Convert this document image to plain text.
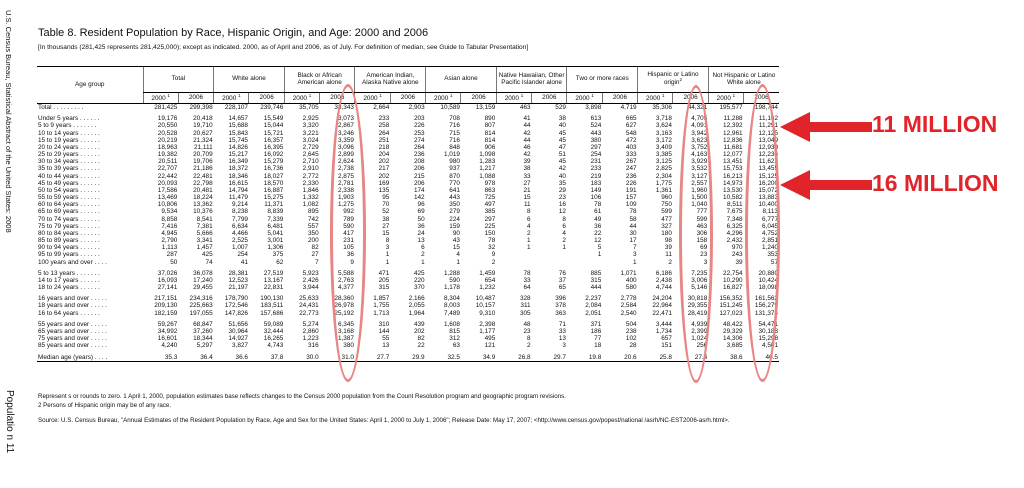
U.S. Census Bureau, Statistical Abstract of the United States: 2008
Populatio n 11
Table 8. Resident Population by Race, Hispanic Origin, and Age: 2000 and 2006
[In thousands (281,425 represents 281,425,000); except as indicated. 2000, as of April and 2006, as of July. For definition of median, see Guide to Tabular Presentation]
Age group	Total		White alone		Black or African American alone		American Indian, Alaska Native alone		Asian alone		Native Hawaiian, Other Pacific Islander alone		Two or more races		Hispanic or Latino origin$^2$		Not Hispanic or Latino White alone	
	2000 $^1$	2006	2000 $^1$	2006	2000 $^1$	2006	2000 $^1$	2006	2000 $^1$	2006	2000 $^1$	2006	2000 $^1$	2006	2000 $^1$	2006	2000 $^1$	2006
Total . . . . . . . . .	281,425	299,398	228,107	239,746	35,705	38,343	2,664	2,903	10,589	13,159	463	529	3,898	4,719	35,306	44,321	195,577	198,744

Under 5 years . . . . . .	19,176	20,418	14,657	15,549	2,925	3,073	233	203	708	890	41	38	613	665	3,718	4,705	11,288	11,162
5 to 9 years . . . . . . .	20,550	19,710	15,688	15,044	3,320	2,867	258	226	716	807	44	40	524	627	3,624	4,091	12,392	11,291
10 to 14 years . . . . . .	20,528	20,627	15,843	15,721	3,221	3,246	264	253	715	814	42	45	443	548	3,163	3,942	12,961	12,125
15 to 19 years . . . . . .	20,219	21,324	15,745	16,357	3,024	3,359	251	274	716	814	44	45	380	472	3,172	3,623	12,836	13,049
20 to 24 years . . . . . .	18,963	21,111	14,826	16,395	2,729	3,096	218	264	848	906	46	47	297	403	3,409	3,752	11,681	12,938
25 to 29 years . . . . . .	19,382	20,709	15,217	16,092	2,645	2,899	204	236	1,019	1,098	42	51	254	333	3,385	4,163	12,077	12,236
30 to 34 years . . . . . .	20,511	19,706	16,349	15,279	2,710	2,624	202	208	980	1,283	39	45	231	267	3,125	3,929	13,451	11,622
35 to 39 years . . . . . .	22,707	21,186	18,372	16,736	2,910	2,738	217	206	937	1,217	38	42	233	247	2,825	3,532	15,753	13,455
40 to 44 years . . . . . .	22,442	22,481	18,346	18,027	2,772	2,875	202	215	870	1,088	33	40	219	236	2,304	3,127	16,213	15,125
45 to 49 years . . . . . .	20,093	22,798	16,615	18,570	2,330	2,781	169	206	770	978	27	35	183	226	1,775	2,557	14,973	16,200
50 to 54 years . . . . . .	17,586	20,481	14,794	16,887	1,846	2,338	135	174	641	863	21	29	149	191	1,361	1,960	13,530	15,072
55 to 59 years . . . . . .	13,469	18,224	11,479	15,275	1,332	1,903	95	142	443	725	15	23	106	157	960	1,500	10,582	13,883
60 to 64 years . . . . . .	10,806	13,362	9,214	11,371	1,082	1,275	70	96	350	497	11	16	78	109	750	1,040	8,511	10,400
65 to 69 years . . . . . .	9,534	10,376	8,238	8,839	895	992	52	69	279	385	8	12	61	78	599	777	7,675	8,113
70 to 74 years . . . . . .	8,858	8,541	7,799	7,339	742	789	38	50	224	297	6	8	49	58	477	599	7,348	6,777
75 to 79 years . . . . . .	7,416	7,381	6,634	6,481	557	590	27	36	159	225	4	6	36	44	327	463	6,325	6,045
80 to 84 years . . . . . .	4,945	5,666	4,466	5,041	350	417	15	24	90	150	2	4	22	30	180	306	4,296	4,752
85 to 89 years . . . . . .	2,790	3,341	2,525	3,001	200	231	8	13	43	78	1	2	12	17	98	158	2,432	2,851
90 to 94 years . . . . . .	1,113	1,457	1,007	1,306	82	105	3	6	15	32	1	1	5	7	39	69	970	1,240
95 to 99 years . . . . . .	287	425	254	375	27	36	1	2	4	9			1	3	11	23	243	353
100 years and over . . . .	50	74	41	62	7	9	1	1	1	2				1	2	3	39	57

5 to 13 years . . . . . . .	37,026	36,078	28,381	27,519	5,923	5,588	471	425	1,288	1,459	78	76	885	1,071	6,186	7,235	22,754	20,880
14 to 17 years . . . . . .	16,093	17,240	12,523	13,167	2,426	2,763	205	220	590	654	33	37	315	400	2,438	3,006	10,290	10,424
18 to 24 years . . . . . .	27,141	29,455	21,197	22,831	3,944	4,377	315	370	1,178	1,232	64	65	444	580	4,744	5,146	16,827	18,098

16 years and over . . . . .	217,151	234,316	178,790	190,130	25,633	28,360	1,857	2,166	8,304	10,487	328	396	2,237	2,778	24,204	30,818	156,352	161,562
18 years and over . . . . .	209,130	225,663	172,546	183,511	24,431	26,978	1,755	2,055	8,003	10,157	311	378	2,084	2,584	22,964	29,355	151,245	156,279
16 to 64 years . . . . . .	182,159	197,055	147,826	157,686	22,773	25,192	1,713	1,964	7,489	9,310	305	363	2,051	2,540	22,471	28,419	127,023	131,374

55 years and over . . . . .	59,267	68,847	51,656	59,089	5,274	6,345	310	439	1,608	2,398	48	71	371	504	3,444	4,939	48,422	54,471
65 years and over . . . . .	34,992	37,260	30,964	32,444	2,860	3,168	144	202	815	1,177	23	33	186	238	1,734	2,399	29,329	30,188
75 years and over . . . . .	16,601	18,344	14,927	16,265	1,223	1,387	55	82	312	495	8	13	77	102	657	1,024	14,306	15,298
85 years and over . . . . .	4,240	5,297	3,827	4,743	316	380	13	22	63	121	2	3	18	28	151	256	3,685	4,501

Median age (years) . . . .	35.3	36.4	36.6	37.8	30.0	31.0	27.7	29.9	32.5	34.9	26.8	29.7	19.8	20.6	25.8	27.4	38.6	40.5

Represent s or rounds to zero. 1 April 1, 2000, population estimates base reflects changes to the Census 2000 population from the Count Resolution program and geographic program revisions.

2 Persons of Hispanic origin may be of any race.

Source: U.S. Census Bureau, "Annual Estimates of the Resident Population by Race, Age and Sex for the United States: April 1, 2000 to July 1, 2006"; Release Date: May 17, 2007; <http://www.census.gov/popest/national /asrh/NC-EST2006-asrh.html>.

11 MILLION
16 MILLION
